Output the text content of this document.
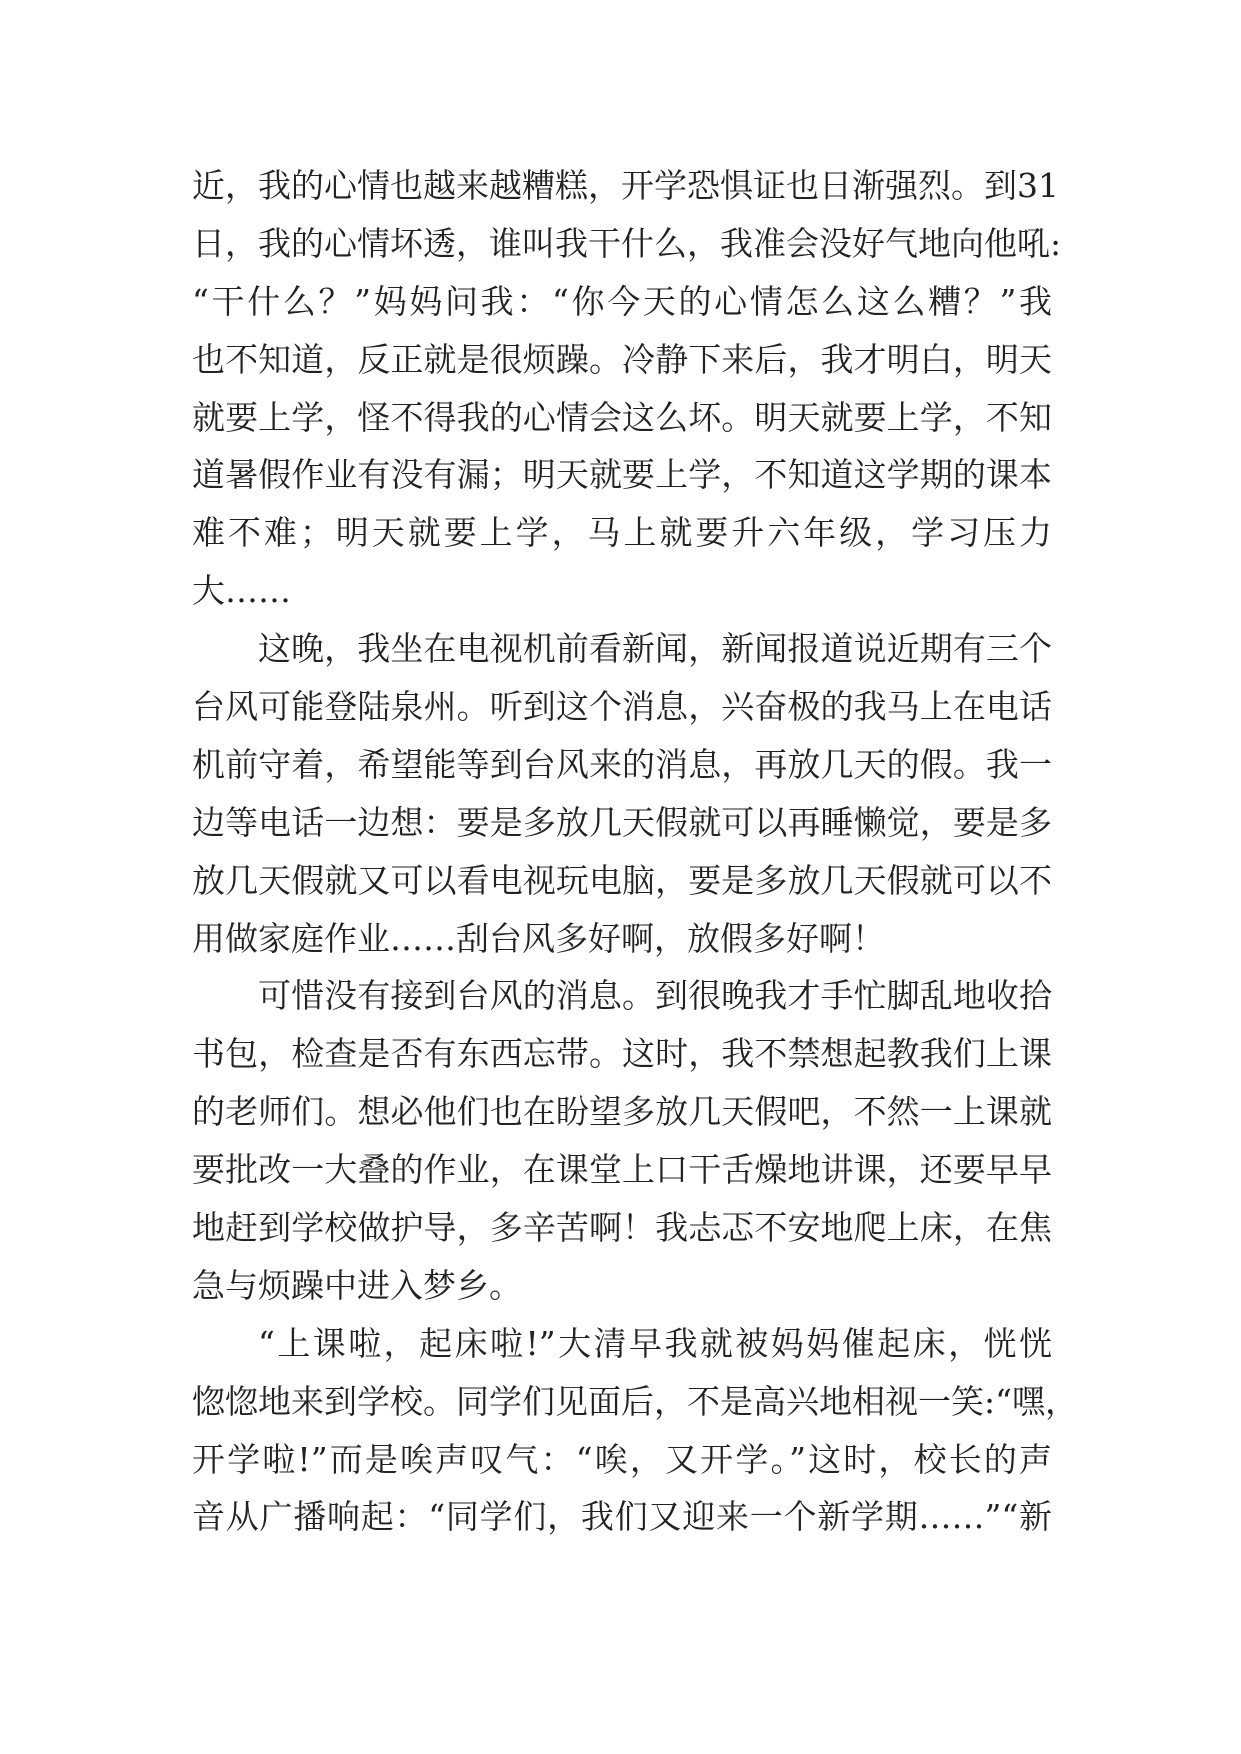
近，我的心情也越来越糟糕，开学恐惧证也日渐强烈。到31
日，我的心情坏透，谁叫我干什么，我准会没好气地向他吼:
“干什么？”妈妈问我：“你今天的心情怎么这么糟？”我
也不知道，反正就是很烦躁。冷静下来后，我才明白，明天
就要上学，怪不得我的心情会这么坏。明天就要上学，不知
道暑假作业有没有漏；明天就要上学，不知道这学期的课本
难不难；明天就要上学，马上就要升六年级，学习压力
大……
这晚，我坐在电视机前看新闻，新闻报道说近期有三个
台风可能登陆泉州。听到这个消息，兴奋极的我马上在电话
机前守着，希望能等到台风来的消息，再放几天的假。我一
边等电话一边想：要是多放几天假就可以再睡懒觉，要是多
放几天假就又可以看电视玩电脑，要是多放几天假就可以不
用做家庭作业……刮台风多好啊，放假多好啊！
可惜没有接到台风的消息。到很晚我才手忙脚乱地收拾
书包，检查是否有东西忘带。这时，我不禁想起教我们上课
的老师们。想必他们也在盼望多放几天假吧，不然一上课就
要批改一大叠的作业，在课堂上口干舌燥地讲课，还要早早
地赶到学校做护导，多辛苦啊！我忐忑不安地爬上床，在焦
急与烦躁中进入梦乡。
“上课啦，起床啦!”大清早我就被妈妈催起床，恍恍
惚惚地来到学校。同学们见面后，不是高兴地相视一笑:“嘿，
开学啦!”而是唉声叹气：“唉，又开学。”这时，校长的声
音从广播响起：“同学们，我们又迎来一个新学期……”“新
